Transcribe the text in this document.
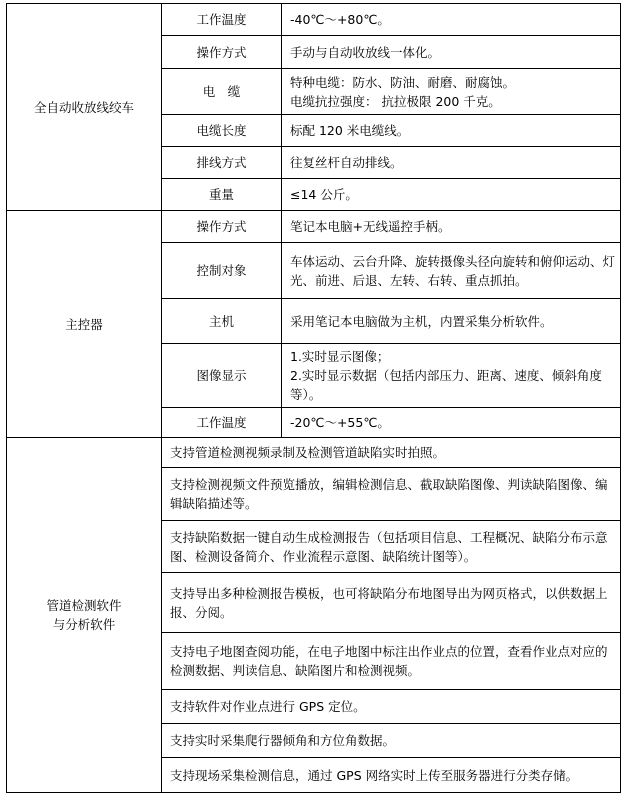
全自动收放线绞车	工作温度	-40℃～+80℃。
	操作方式	手动与自动收放线一体化。
	电　缆	特种电缆：防水、防油、耐磨、耐腐蚀。
电缆抗拉强度： 抗拉极限 200 千克。

	电缆长度	标配 120 米电缆线。
	排线方式	往复丝杆自动排线。
	重量	≤14 公斤。
主控器	操作方式	笔记本电脑+无线遥控手柄。
	控制对象	车体运动、云台升降、旋转摄像头径向旋转和俯仰运动、灯光、前进、后退、左转、右转、重点抓拍。
	主机	采用笔记本电脑做为主机，内置采集分析软件。
	图像显示	1.实时显示图像；
2.实时显示数据（包括内部压力、距离、速度、倾斜角度等）。

	工作温度	-20℃～+55℃。

管道检测软件
与分析软件	支持管道检测视频录制及检测管道缺陷实时拍照。	
	支持检测视频文件预览播放，编辑检测信息、截取缺陷图像、判读缺陷图像、编辑缺陷描述等。	
	支持缺陷数据一键自动生成检测报告（包括项目信息、工程概况、缺陷分布示意图、检测设备简介、作业流程示意图、缺陷统计图等）。	
	支持导出多种检测报告模板，也可将缺陷分布地图导出为网页格式，以供数据上报、分阅。	
	支持电子地图查阅功能，在电子地图中标注出作业点的位置，查看作业点对应的检测数据、判读信息、缺陷图片和检测视频。	
	支持软件对作业点进行 GPS 定位。	
	支持实时采集爬行器倾角和方位角数据。	
	支持现场采集检测信息，通过 GPS 网络实时上传至服务器进行分类存储。	
